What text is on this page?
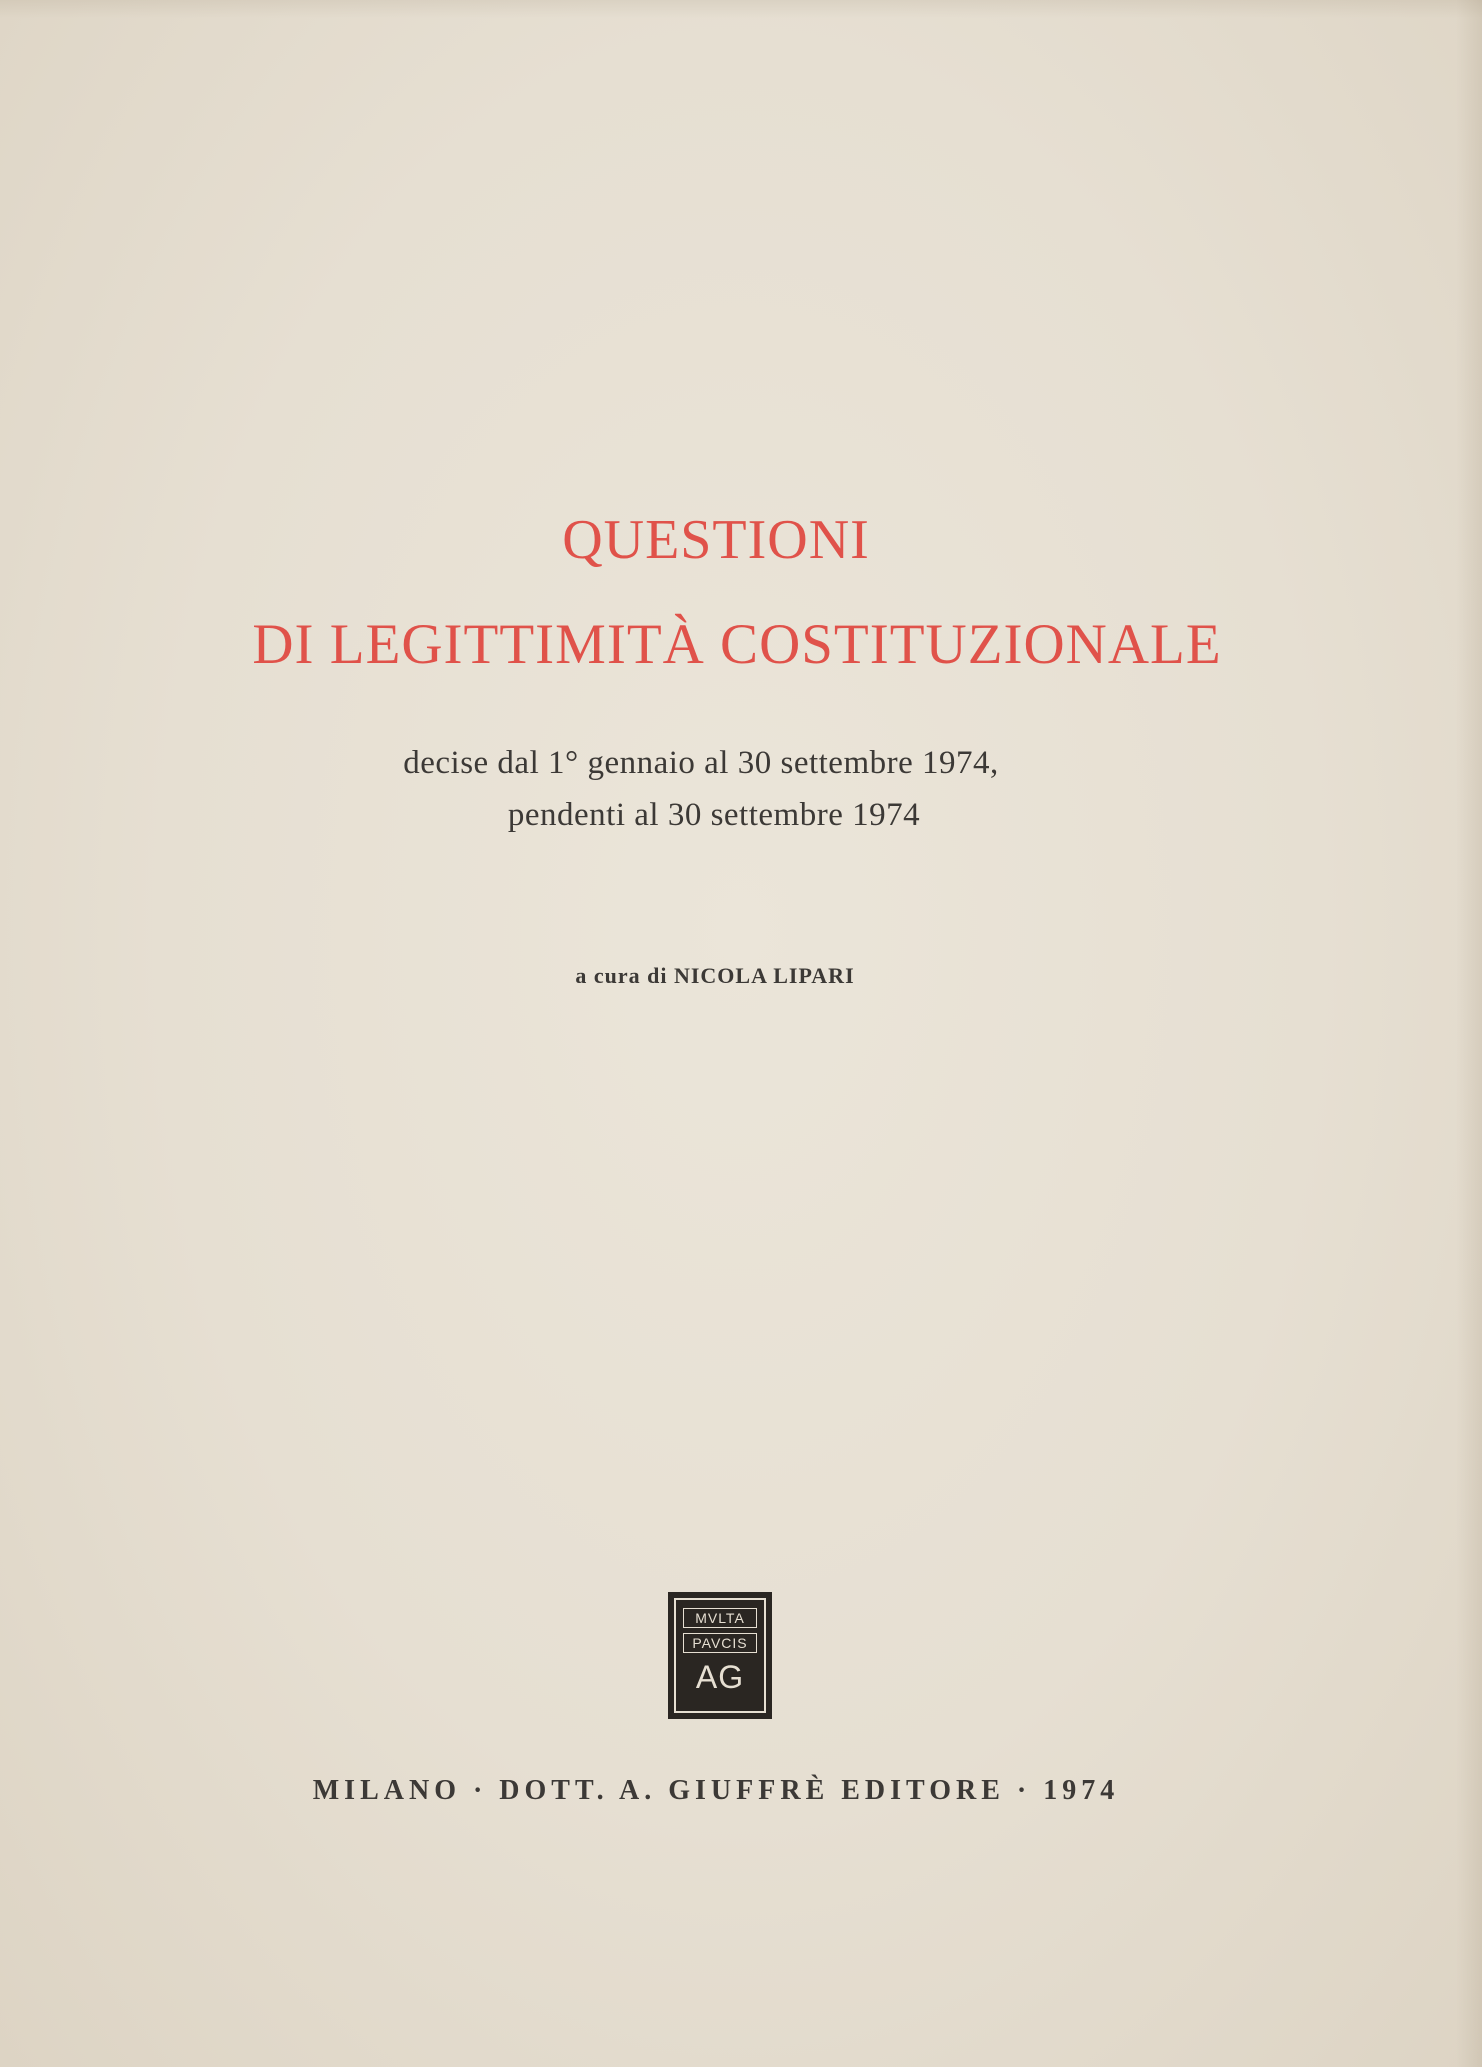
QUESTIONI
DI LEGITTIMITÀ COSTITUZIONALE
decise dal 1° gennaio al 30 settembre 1974,
pendenti al 30 settembre 1974
a cura di NICOLA LIPARI
MVLTA
PAVCIS
AG
MILANO · DOTT. A. GIUFFRÈ EDITORE · 1974
